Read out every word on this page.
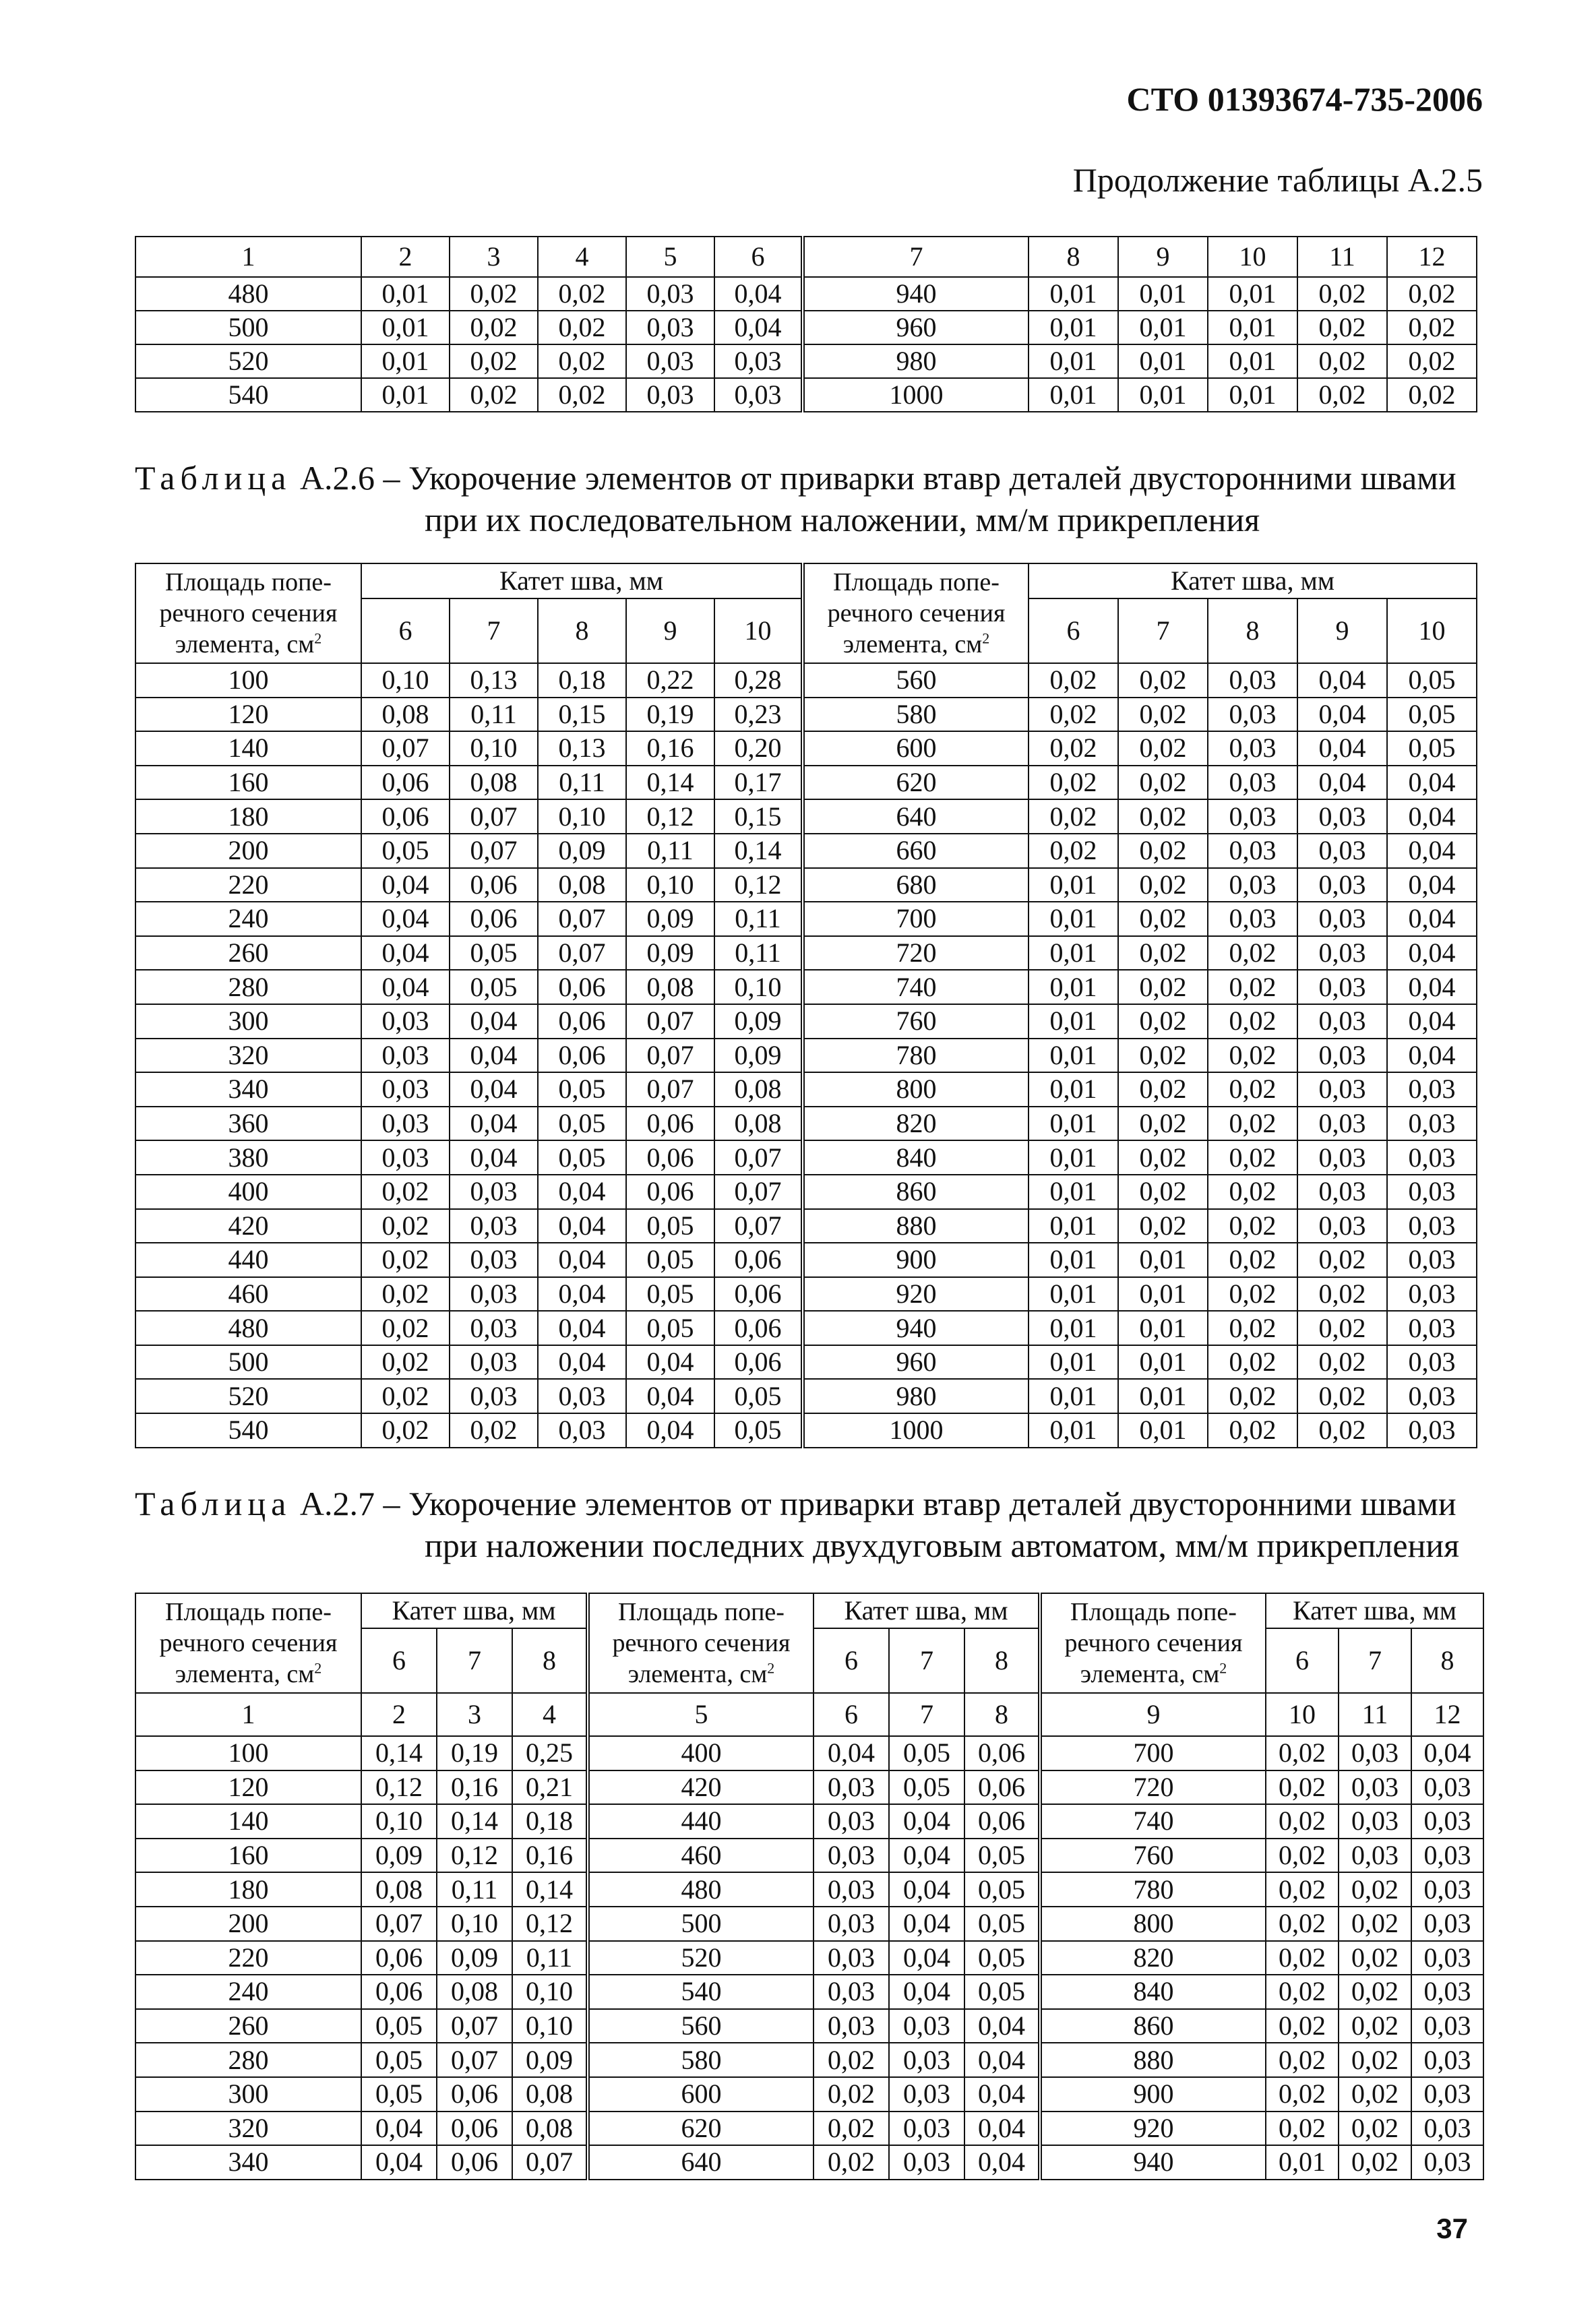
СТО 01393674-735-2006
Продолжение таблицы А.2.5
1	2	3	4	5	6	7	8	9	10	11	12
480	0,01	0,02	0,02	0,03	0,04	940	0,01	0,01	0,01	0,02	0,02
500	0,01	0,02	0,02	0,03	0,04	960	0,01	0,01	0,01	0,02	0,02
520	0,01	0,02	0,02	0,03	0,03	980	0,01	0,01	0,01	0,02	0,02
540	0,01	0,02	0,02	0,03	0,03	1000	0,01	0,01	0,01	0,02	0,02
Таблица А.2.6 – Укорочение элементов от приварки втавр деталей двусторонними швами
при их последовательном наложении, мм/м прикрепления
Площадь попе-речного сечения элемента, $см^2$	Катет шва, мм					Площадь попе-речного сечения элемента, $см^2$	Катет шва, мм				
	6	7	8	9	10		6	7	8	9	10
100	0,10	0,13	0,18	0,22	0,28	560	0,02	0,02	0,03	0,04	0,05
120	0,08	0,11	0,15	0,19	0,23	580	0,02	0,02	0,03	0,04	0,05
140	0,07	0,10	0,13	0,16	0,20	600	0,02	0,02	0,03	0,04	0,05
160	0,06	0,08	0,11	0,14	0,17	620	0,02	0,02	0,03	0,04	0,04
180	0,06	0,07	0,10	0,12	0,15	640	0,02	0,02	0,03	0,03	0,04
200	0,05	0,07	0,09	0,11	0,14	660	0,02	0,02	0,03	0,03	0,04
220	0,04	0,06	0,08	0,10	0,12	680	0,01	0,02	0,03	0,03	0,04
240	0,04	0,06	0,07	0,09	0,11	700	0,01	0,02	0,03	0,03	0,04
260	0,04	0,05	0,07	0,09	0,11	720	0,01	0,02	0,02	0,03	0,04
280	0,04	0,05	0,06	0,08	0,10	740	0,01	0,02	0,02	0,03	0,04
300	0,03	0,04	0,06	0,07	0,09	760	0,01	0,02	0,02	0,03	0,04
320	0,03	0,04	0,06	0,07	0,09	780	0,01	0,02	0,02	0,03	0,04
340	0,03	0,04	0,05	0,07	0,08	800	0,01	0,02	0,02	0,03	0,03
360	0,03	0,04	0,05	0,06	0,08	820	0,01	0,02	0,02	0,03	0,03
380	0,03	0,04	0,05	0,06	0,07	840	0,01	0,02	0,02	0,03	0,03
400	0,02	0,03	0,04	0,06	0,07	860	0,01	0,02	0,02	0,03	0,03
420	0,02	0,03	0,04	0,05	0,07	880	0,01	0,02	0,02	0,03	0,03
440	0,02	0,03	0,04	0,05	0,06	900	0,01	0,01	0,02	0,02	0,03
460	0,02	0,03	0,04	0,05	0,06	920	0,01	0,01	0,02	0,02	0,03
480	0,02	0,03	0,04	0,05	0,06	940	0,01	0,01	0,02	0,02	0,03
500	0,02	0,03	0,04	0,04	0,06	960	0,01	0,01	0,02	0,02	0,03
520	0,02	0,03	0,03	0,04	0,05	980	0,01	0,01	0,02	0,02	0,03
540	0,02	0,02	0,03	0,04	0,05	1000	0,01	0,01	0,02	0,02	0,03
Таблица А.2.7 – Укорочение элементов от приварки втавр деталей двусторонними швами
при наложении последних двухдуговым автоматом, мм/м прикрепления
Площадь попе-речного сечения элемента, $см^2$	Катет шва, мм			Площадь попе-речного сечения элемента, $см^2$	Катет шва, мм			Площадь попе-речного сечения элемента, $см^2$	Катет шва, мм		
	6	7	8		6	7	8		6	7	8
1	2	3	4	5	6	7	8	9	10	11	12
100	0,14	0,19	0,25	400	0,04	0,05	0,06	700	0,02	0,03	0,04
120	0,12	0,16	0,21	420	0,03	0,05	0,06	720	0,02	0,03	0,03
140	0,10	0,14	0,18	440	0,03	0,04	0,06	740	0,02	0,03	0,03
160	0,09	0,12	0,16	460	0,03	0,04	0,05	760	0,02	0,03	0,03
180	0,08	0,11	0,14	480	0,03	0,04	0,05	780	0,02	0,02	0,03
200	0,07	0,10	0,12	500	0,03	0,04	0,05	800	0,02	0,02	0,03
220	0,06	0,09	0,11	520	0,03	0,04	0,05	820	0,02	0,02	0,03
240	0,06	0,08	0,10	540	0,03	0,04	0,05	840	0,02	0,02	0,03
260	0,05	0,07	0,10	560	0,03	0,03	0,04	860	0,02	0,02	0,03
280	0,05	0,07	0,09	580	0,02	0,03	0,04	880	0,02	0,02	0,03
300	0,05	0,06	0,08	600	0,02	0,03	0,04	900	0,02	0,02	0,03
320	0,04	0,06	0,08	620	0,02	0,03	0,04	920	0,02	0,02	0,03
340	0,04	0,06	0,07	640	0,02	0,03	0,04	940	0,01	0,02	0,03
37
